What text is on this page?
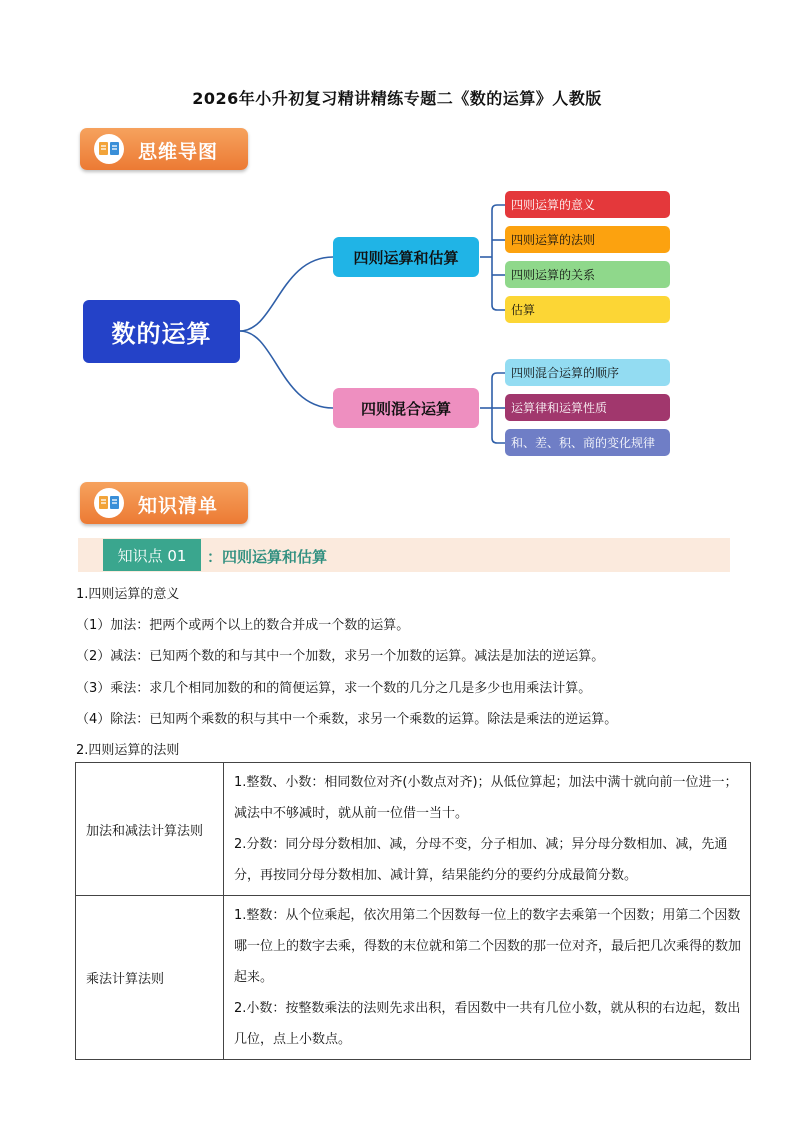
2026年小升初复习精讲精练专题二《数的运算》人教版
思维导图
数的运算
四则运算和估算
四则混合运算
四则运算的意义
四则运算的法则
四则运算的关系
估算
四则混合运算的顺序
运算律和运算性质
和、差、积、商的变化规律
知识清单
知识点 01	：四则运算和估算
1.四则运算的意义
（1）加法：把两个或两个以上的数合并成一个数的运算。
（2）减法：已知两个数的和与其中一个加数，求另一个加数的运算。减法是加法的逆运算。
（3）乘法：求几个相同加数的和的简便运算，求一个数的几分之几是多少也用乘法计算。
（4）除法：已知两个乘数的积与其中一个乘数，求另一个乘数的运算。除法是乘法的逆运算。
2.四则运算的法则
加法和减法计算法则	1.整数、小数：相同数位对齐(小数点对齐)；从低位算起；加法中满十就向前一位进一；减法中不够减时，就从前一位借一当十。

2.分数：同分母分数相加、减，分母不变，分子相加、减；异分母分数相加、减，先通分，再按同分母分数相加、减计算，结果能约分的要约分成最简分数。

乘法计算法则	1.整数：从个位乘起，依次用第二个因数每一位上的数字去乘第一个因数；用第二个因数哪一位上的数字去乘，得数的末位就和第二个因数的那一位对齐，最后把几次乘得的数加起来。

2.小数：按整数乘法的法则先求出积，看因数中一共有几位小数，就从积的右边起，数出几位，点上小数点。
